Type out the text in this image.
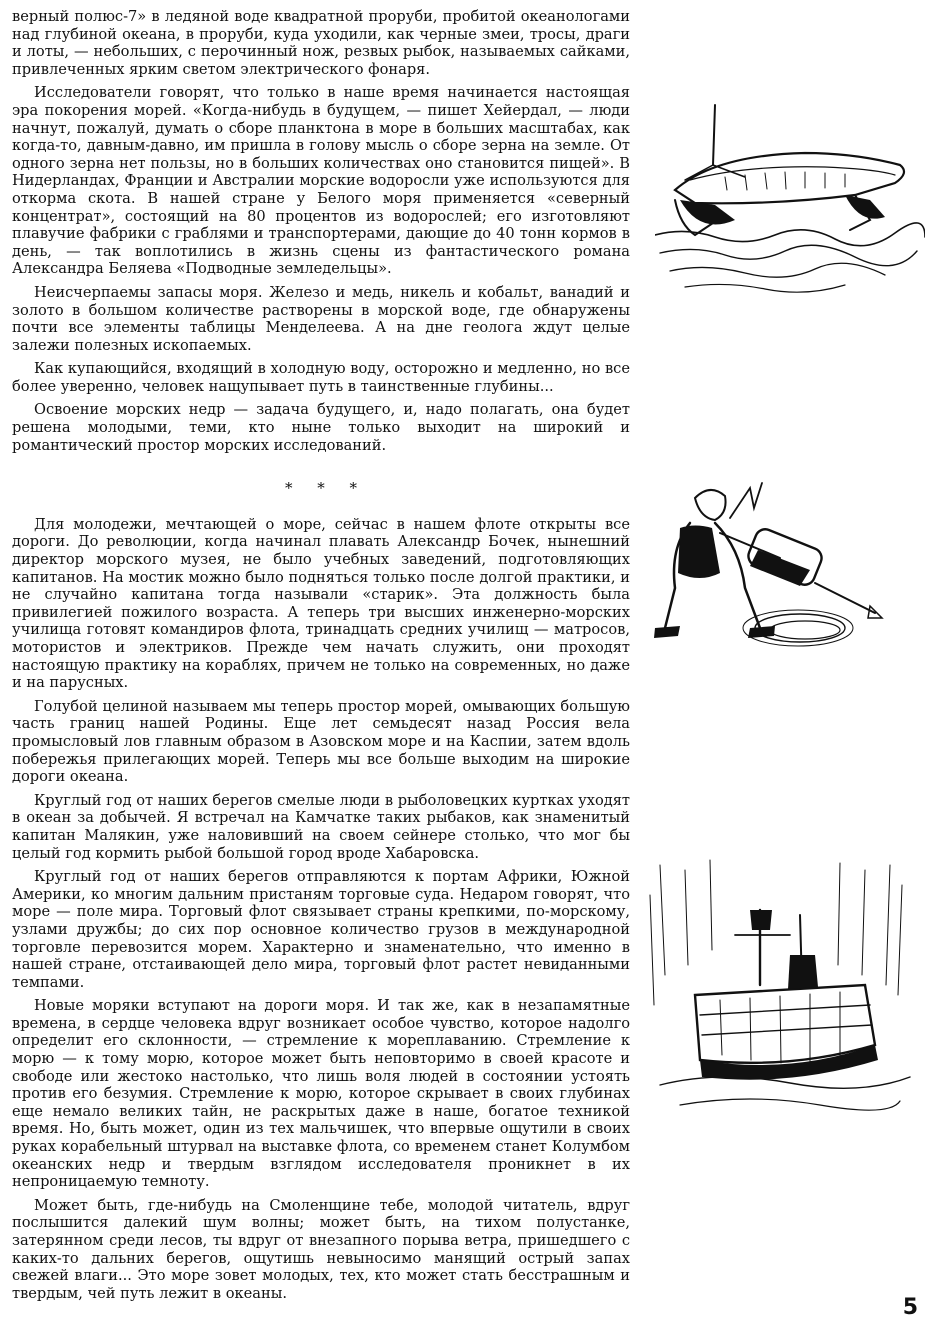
верный полюс-7» в ледяной воде квадратной проруби, пробитой океанологами над глубиной океана, в проруби, куда уходили, как черные змеи, тросы, драги и лоты, — небольших, с перочинный нож, резвых рыбок, называемых сайками, привлеченных ярким светом электрического фонаря.

Исследователи говорят, что только в наше время начинается настоящая эра покорения морей. «Когда-нибудь в будущем, — пишет Хейердал, — люди начнут, пожалуй, думать о сборе планктона в море в больших масштабах, как когда-то, давным-давно, им пришла в голову мысль о сборе зерна на земле. От одного зерна нет пользы, но в больших количествах оно становится пищей». В Нидерландах, Франции и Австралии морские водоросли уже используются для откорма скота. В нашей стране у Белого моря применяется «северный концентрат», состоящий на 80 процентов из водорослей; его изготовляют плавучие фабрики с граблями и транспортерами, дающие до 40 тонн кормов в день, — так воплотились в жизнь сцены из фантастического романа Александра Беляева «Подводные земледельцы».

Неисчерпаемы запасы моря. Железо и медь, никель и кобальт, ванадий и золото в большом количестве растворены в морской воде, где обнаружены почти все элементы таблицы Менделеева. А на дне геолога ждут целые залежи полезных ископаемых.

Как купающийся, входящий в холодную воду, осторожно и медленно, но все более уверенно, человек нащупывает путь в таинственные глубины...

Освоение морских недр — задача будущего, и, надо полагать, она будет решена молодыми, теми, кто ныне только выходит на широкий и романтический простор морских исследований.

* * *

Для молодежи, мечтающей о море, сейчас в нашем флоте открыты все дороги. До революции, когда начинал плавать Александр Бочек, нынешний директор морского музея, не было учебных заведений, подготовляющих капитанов. На мостик можно было подняться только после долгой практики, и не случайно капитана тогда называли «старик». Эта должность была привилегией пожилого возраста. А теперь три высших инженерно-морских училища готовят командиров флота, тринадцать средних училищ — матросов, мотористов и электриков. Прежде чем начать служить, они проходят настоящую практику на кораблях, причем не только на современных, но даже и на парусных.

Голубой целиной называем мы теперь простор морей, омывающих большую часть границ нашей Родины. Еще лет семьдесят назад Россия вела промысловый лов главным образом в Азовском море и на Каспии, затем вдоль побережья прилегающих морей. Теперь мы все больше выходим на широкие дороги океана.

Круглый год от наших берегов смелые люди в рыболовецких куртках уходят в океан за добычей. Я встречал на Камчатке таких рыбаков, как знаменитый капитан Малякин, уже наловивший на своем сейнере столько, что мог бы целый год кормить рыбой большой город вроде Хабаровска.

Круглый год от наших берегов отправляются к портам Африки, Южной Америки, ко многим дальним пристаням торговые суда. Недаром говорят, что море — поле мира. Торговый флот связывает страны крепкими, по-морскому, узлами дружбы; до сих пор основное количество грузов в международной торговле перевозится морем. Характерно и знаменательно, что именно в нашей стране, отстаивающей дело мира, торговый флот растет невиданными темпами.

Новые моряки вступают на дороги моря. И так же, как в незапамятные времена, в сердце человека вдруг возникает особое чувство, которое надолго определит его склонности, — стремление к мореплаванию. Стремление к морю — к тому морю, которое может быть неповторимо в своей красоте и свободе или жестоко настолько, что лишь воля людей в состоянии устоять против его безумия. Стремление к морю, которое скрывает в своих глубинах еще немало великих тайн, не раскрытых даже в наше, богатое техникой время. Но, быть может, один из тех мальчишек, что впервые ощутили в своих руках корабельный штурвал на выставке флота, со временем станет Колумбом океанских недр и твердым взглядом исследователя проникнет в их непроницаемую темноту.

Может быть, где-нибудь на Смоленщине тебе, молодой читатель, вдруг послышится далекий шум волны; может быть, на тихом полустанке, затерянном среди лесов, ты вдруг от внезапного порыва ветра, пришедшего с каких-то дальних берегов, ощутишь невыносимо манящий острый запах свежей влаги... Это море зовет молодых, тех, кто может стать бесстрашным и твердым, чей путь лежит в океаны.

5
